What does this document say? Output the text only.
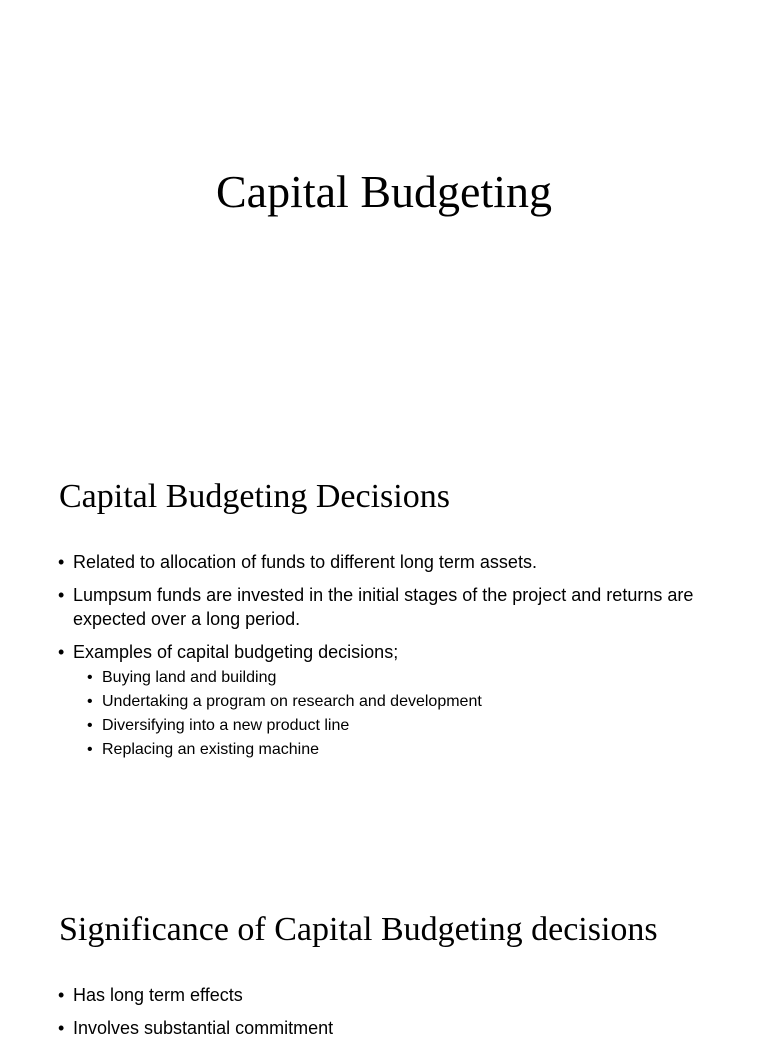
Capital Budgeting
Capital Budgeting Decisions
• Related to allocation of funds to different long term assets.
• Lumpsum funds are invested in the initial stages of the project and returns are expected over a long period.
• Examples of capital budgeting decisions;
• Buying land and building
• Undertaking a program on research and development
• Diversifying into a new product line
• Replacing an existing machine
Significance of Capital Budgeting decisions
• Has long term effects
• Involves substantial commitment
